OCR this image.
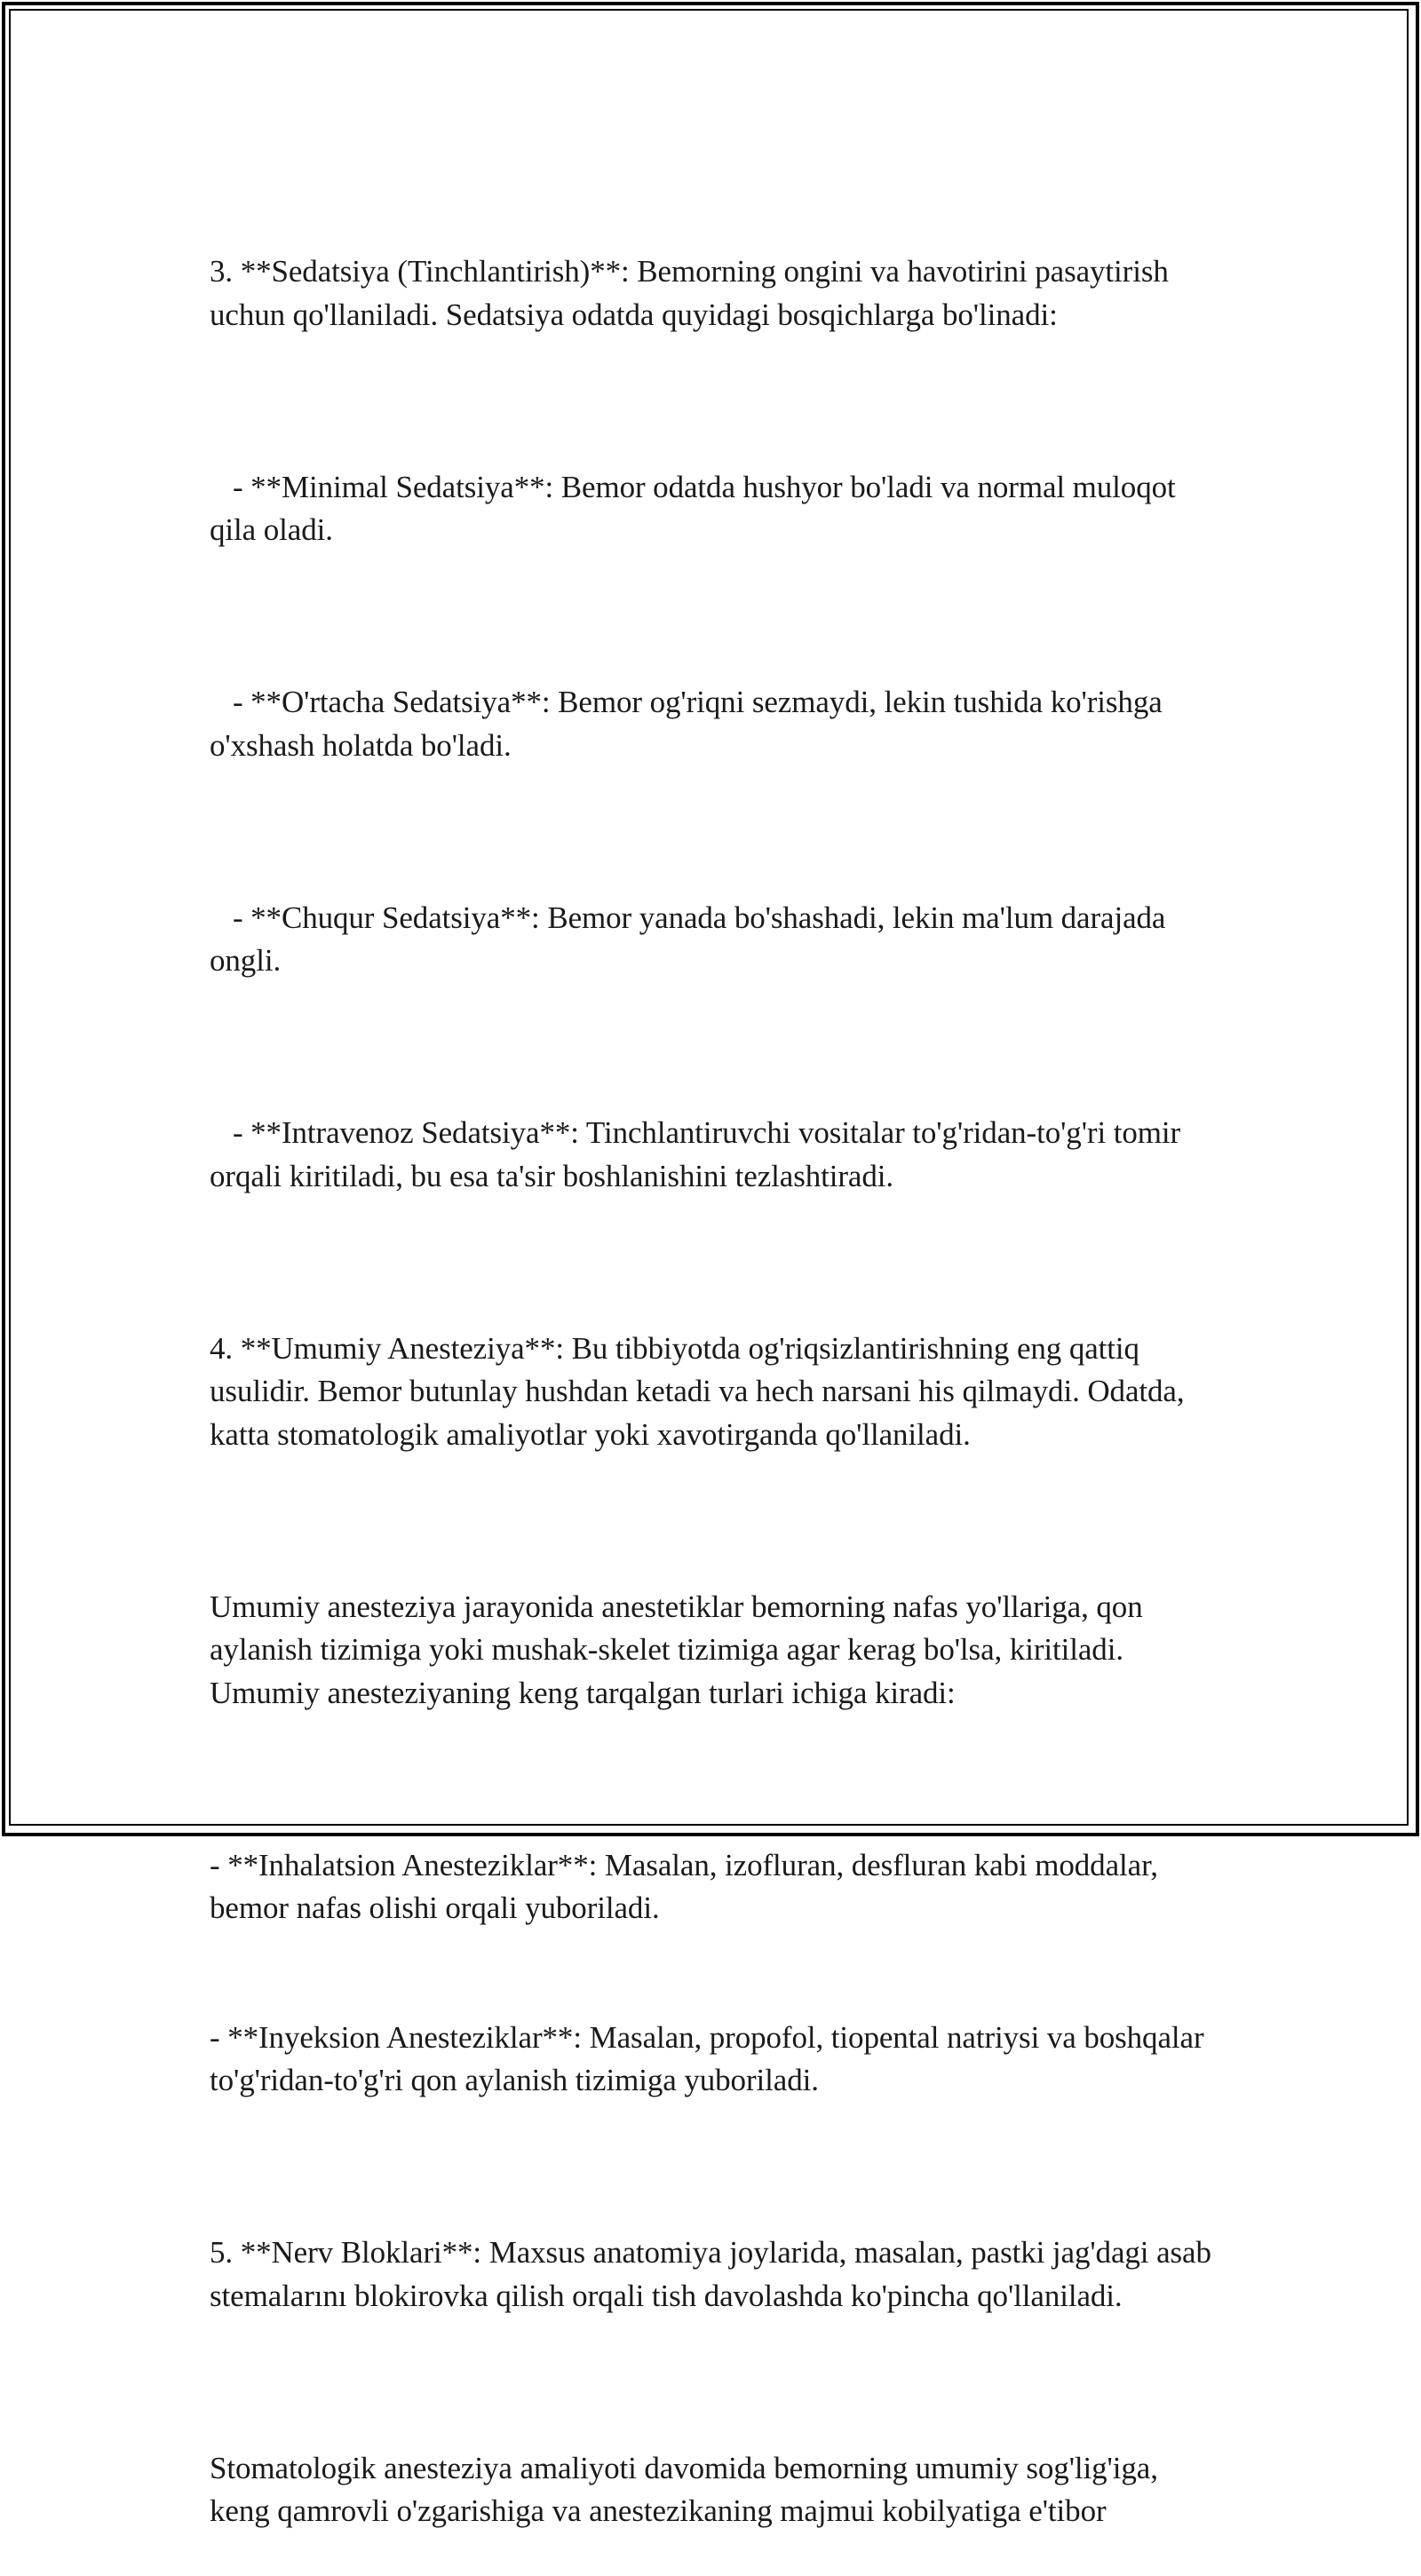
3. **Sedatsiya (Tinchlantirish)**: Bemorning ongini va havotirini pasaytirish uchun qo'llaniladi. Sedatsiya odatda quyidagi bosqichlarga bo'linadi:

- **Minimal Sedatsiya**: Bemor odatda hushyor bo'ladi va normal muloqot qila oladi.

- **O'rtacha Sedatsiya**: Bemor og'riqni sezmaydi, lekin tushida ko'rishga o'xshash holatda bo'ladi.

- **Chuqur Sedatsiya**: Bemor yanada bo'shashadi, lekin ma'lum darajada ongli.

- **Intravenoz Sedatsiya**: Tinchlantiruvchi vositalar to'g'ridan-to'g'ri tomir orqali kiritiladi, bu esa ta'sir boshlanishini tezlashtiradi.

4. **Umumiy Anesteziya**: Bu tibbiyotda og'riqsizlantirishning eng qattiq usulidir. Bemor butunlay hushdan ketadi va hech narsani his qilmaydi. Odatda, katta stomatologik amaliyotlar yoki xavotirganda qo'llaniladi.

Umumiy anesteziya jarayonida anestetiklar bemorning nafas yo'llariga, qon aylanish tizimiga yoki mushak-skelet tizimiga agar kerag bo'lsa, kiritiladi. Umumiy anesteziyaning keng tarqalgan turlari ichiga kiradi:

- **Inhalatsion Anesteziklar**: Masalan, izofluran, desfluran kabi moddalar, bemor nafas olishi orqali yuboriladi.

- **Inyeksion Anesteziklar**: Masalan, propofol, tiopental natriysi va boshqalar to'g'ridan-to'g'ri qon aylanish tizimiga yuboriladi.

5. **Nerv Bloklari**: Maxsus anatomiya joylarida, masalan, pastki jag'dagi asab stemalarını blokirovka qilish orqali tish davolashda ko'pincha qo'llaniladi.

Stomatologik anesteziya amaliyoti davomida bemorning umumiy sog'lig'iga, keng qamrovli o'zgarishiga va anestezikaning majmui kobilyatiga e'tibor
